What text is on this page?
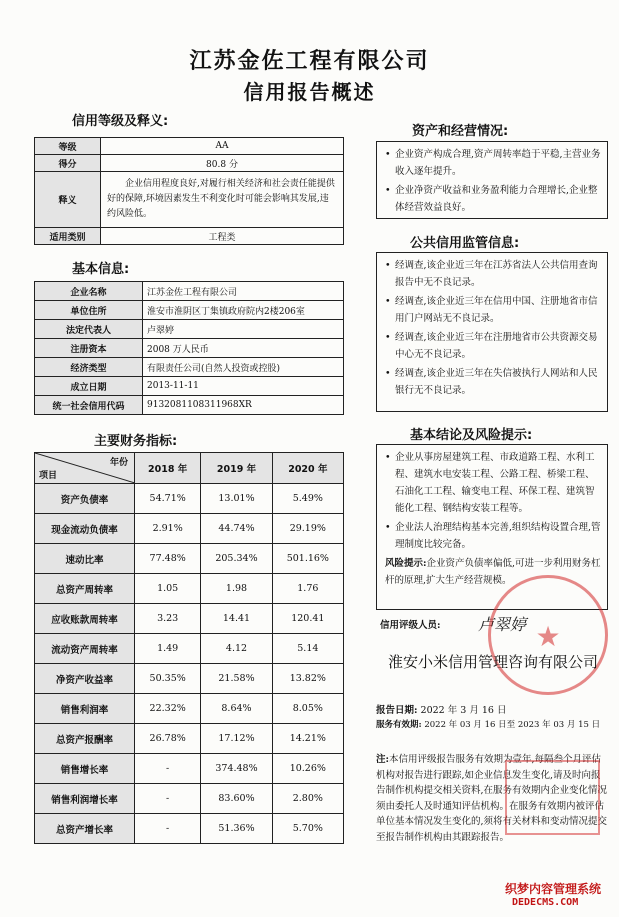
江苏金佐工程有限公司
信用报告概述
信用等级及释义:
等级	AA
得分	80.8 分
释义	企业信用程度良好,对履行相关经济和社会责任能提供好的保障,环境因素发生不利变化时可能会影响其发展,违约风险低。
适用类别	工程类
基本信息:
企业名称	江苏金佐工程有限公司
单位住所	淮安市淮阴区丁集镇政府院内2楼206室
法定代表人	卢翠婷
注册资本	2008 万人民币
经济类型	有限责任公司(自然人投资或控股)
成立日期	2013-11-11
统一社会信用代码	9132081108311968XR
主要财务指标:
年份
项目	2018 年	2019 年	2020 年
资产负债率	54.71%	13.01%	5.49%
现金流动负债率	2.91%	44.74%	29.19%
速动比率	77.48%	205.34%	501.16%
总资产周转率	1.05	1.98	1.76
应收账款周转率	3.23	14.41	120.41
流动资产周转率	1.49	4.12	5.14
净资产收益率	50.35%	21.58%	13.82%
销售利润率	22.32%	8.64%	8.05%
总资产报酬率	26.78%	17.12%	14.21%
销售增长率	-	374.48%	10.26%
销售利润增长率	-	83.60%	2.80%
总资产增长率	-	51.36%	5.70%
资产和经营情况:
• 企业资产构成合理,资产周转率趋于平稳,主营业务收入逐年提升。
• 企业净资产收益和业务盈利能力合理增长,企业整体经营效益良好。
公共信用监管信息:
• 经调查,该企业近三年在江苏省法人公共信用查询报告中无不良记录。
• 经调查,该企业近三年在信用中国、注册地省市信用门户网站无不良记录。
• 经调查,该企业近三年在注册地省市公共资源交易中心无不良记录。
• 经调查,该企业近三年在失信被执行人网站和人民银行无不良记录。
基本结论及风险提示:
• 企业从事房屋建筑工程、市政道路工程、水利工程、建筑水电安装工程、公路工程、桥梁工程、石油化工工程、输变电工程、环保工程、建筑智能化工程、钢结构安装工程等。
• 企业法人治理结构基本完善,组织结构设置合理,管理制度比较完备。
风险提示:企业资产负债率偏低,可进一步利用财务杠杆的原理,扩大生产经营规模。
信用评级人员: 卢翠婷 ★
淮安小米信用管理咨询有限公司
报告日期: 2022 年 3 月 16 日
服务有效期: 2022 年 03 月 16 日至 2023 年 03 月 15 日
注:本信用评级报告服务有效期为壹年,每隔叁个月评估机构对报告进行跟踪,如企业信息发生变化,请及时向报告制作机构提交相关资料,在服务有效期内企业变化情况须由委托人及时通知评估机构。在服务有效期内被评估单位基本情况发生变化的,须将有关材料和变动情况提交至报告制作机构由其跟踪报告。
织梦内容管理系统
DEDECMS.COM
